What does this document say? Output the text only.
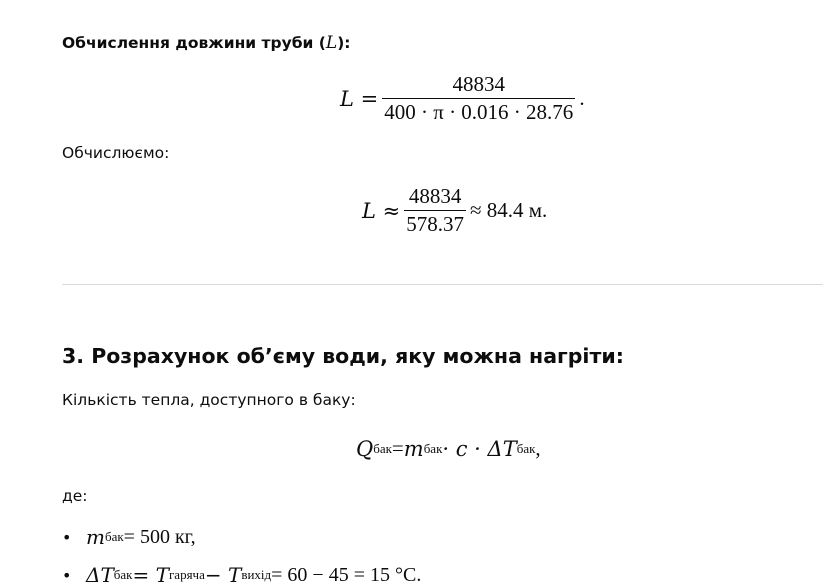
Обчислення довжини труби (L):
$L = \frac{48834}{400 \cdot \pi \cdot 0.016 \cdot 28.76}$ .
Обчислюємо:
$L \approx \frac{48834}{578.37} \approx 84.4$ м.
3. Розрахунок об’єму води, яку можна нагріти:
Кількість тепла, доступного в баку:
Q бак = m бак · c · ΔT бак ,
де:
• m бак = 500 кг,
• ΔT бак = T гаряча − T вихід = 60 − 45 = 15 °C.
